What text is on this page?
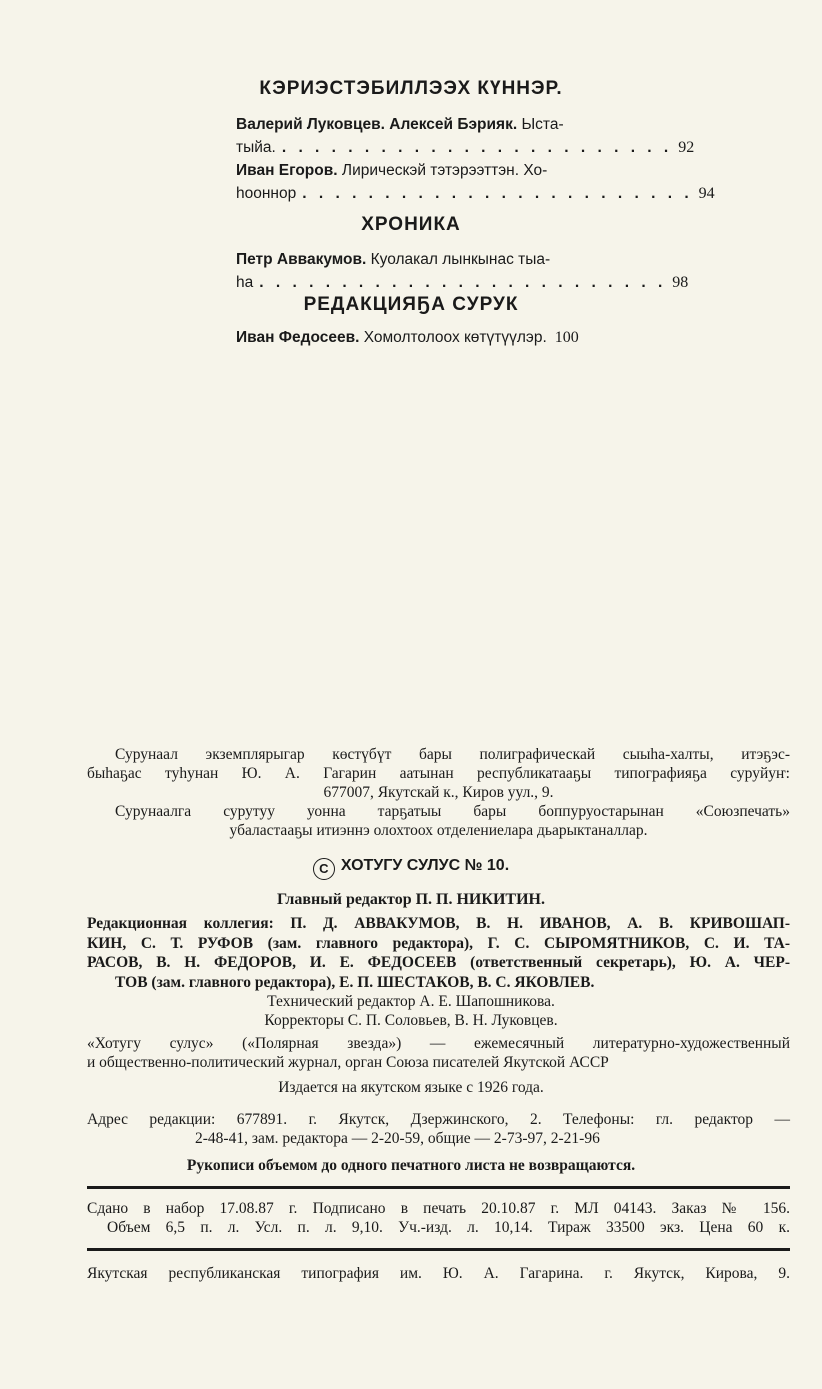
КЭРИЭСТЭБИЛЛЭЭХ КҮННЭР.
Валерий Луковцев. Алексей Бэрияк. Ыста-
тыйа. . . . . . . . . . . . . . . . . . . . . . . . . 92
Иван Егоров. Лирическэй тэтэрээттэн. Хо-
һооннор . . . . . . . . . . . . . . . . . . . . . . . . 94
ХРОНИКА
Петр Аввакумов. Куолакал лынкынас тыа-
һа . . . . . . . . . . . . . . . . . . . . . . . . . 98
РЕДАКЦИЯҔА СУРУК
Иван Федосеев. Хомолтолоох көтүтүүлэр. 100
Сурунаал экземплярыгар көстүбүт бары полиграфическай сыыһа-халты, итэҕэс-
быһаҕас туһунан Ю. А. Гагарин аатынан республикатааҕы типографияҕа суруйуҥ:
677007, Якутскай к., Киров уул., 9.
Сурунаалга сурутуу уонна тарҕатыы бары боппуруостарынан «Союзпечать»
убаластааҕы итиэннэ олохтоох отделениелара дьарыктаналлар.
C ХОТУГУ СУЛУС № 10.
Главный редактор П. П. НИКИТИН.
Редакционная коллегия: П. Д. АВВАКУМОВ, В. Н. ИВАНОВ, А. В. КРИВОШАП-
КИН, С. Т. РУФОВ (зам. главного редактора), Г. С. СЫРОМЯТНИКОВ, С. И. ТА-
РАСОВ, В. Н. ФЕДОРОВ, И. Е. ФЕДОСЕЕВ (ответственный секретарь), Ю. А. ЧЕР-
ТОВ (зам. главного редактора), Е. П. ШЕСТАКОВ, В. С. ЯКОВЛЕВ.
Технический редактор А. Е. Шапошникова.
Корректоры С. П. Соловьев, В. Н. Луковцев.
«Хотугу сулус» («Полярная звезда») — ежемесячный литературно-художественный
и общественно-политический журнал, орган Союза писателей Якутской АССР
Издается на якутском языке с 1926 года.
Адрес редакции: 677891. г. Якутск, Дзержинского, 2. Телефоны: гл. редактор —
2-48-41, зам. редактора — 2-20-59, общие — 2-73-97, 2-21-96
Рукописи объемом до одного печатного листа не возвращаются.
Сдано в набор 17.08.87 г. Подписано в печать 20.10.87 г. МЛ 04143. Заказ № 156.
Объем 6,5 п. л. Усл. п. л. 9,10. Уч.-изд. л. 10,14. Тираж 33500 экз. Цена 60 к.
Якутская республиканская типография им. Ю. А. Гагарина. г. Якутск, Кирова, 9.
